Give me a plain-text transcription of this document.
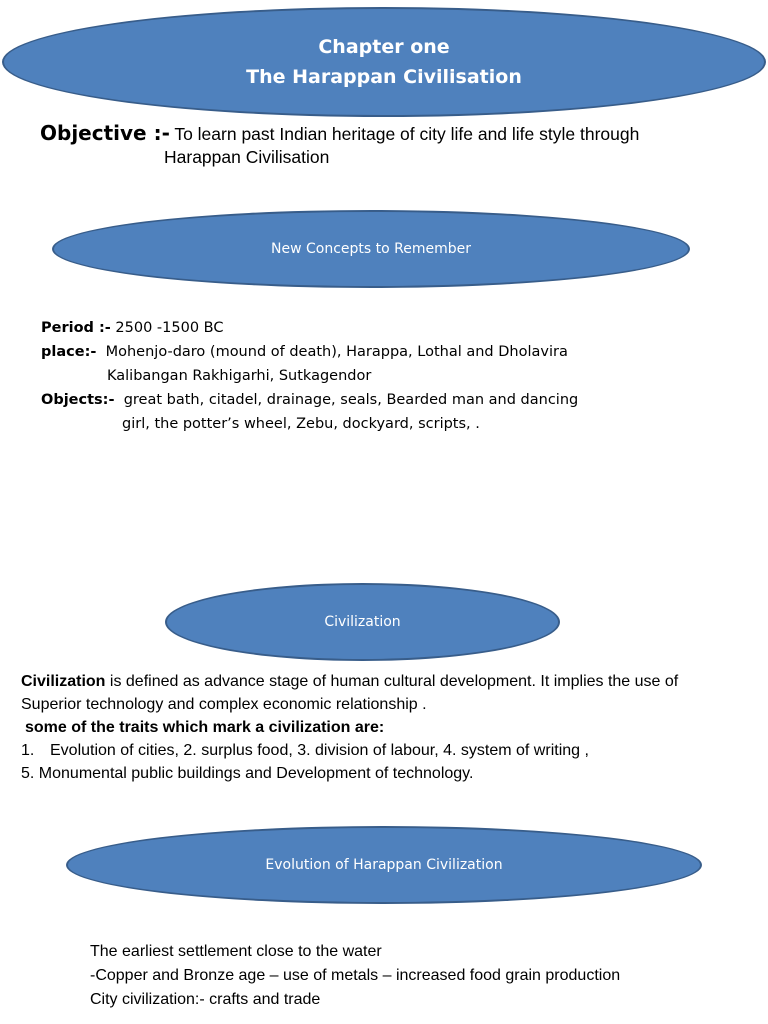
Chapter one
The Harappan Civilisation
Objective :- To learn past Indian heritage of city life and life style through
Harappan Civilisation
New Concepts to Remember
Period :- 2500 -1500 BC
place:- Mohenjo-daro (mound of death), Harappa, Lothal and Dholavira
Kalibangan Rakhigarhi, Sutkagendor
Objects:- great bath, citadel, drainage, seals, Bearded man and dancing
girl, the potter’s wheel, Zebu, dockyard, scripts, .
Civilization
Civilization is defined as advance stage of human cultural development. It implies the use of
Superior technology and complex economic relationship .
some of the traits which mark a civilization are:
1. Evolution of cities, 2. surplus food, 3. division of labour, 4. system of writing ,
5. Monumental public buildings and Development of technology.
Evolution of Harappan Civilization
The earliest settlement close to the water
-Copper and Bronze age – use of metals – increased food grain production
City civilization:- crafts and trade
